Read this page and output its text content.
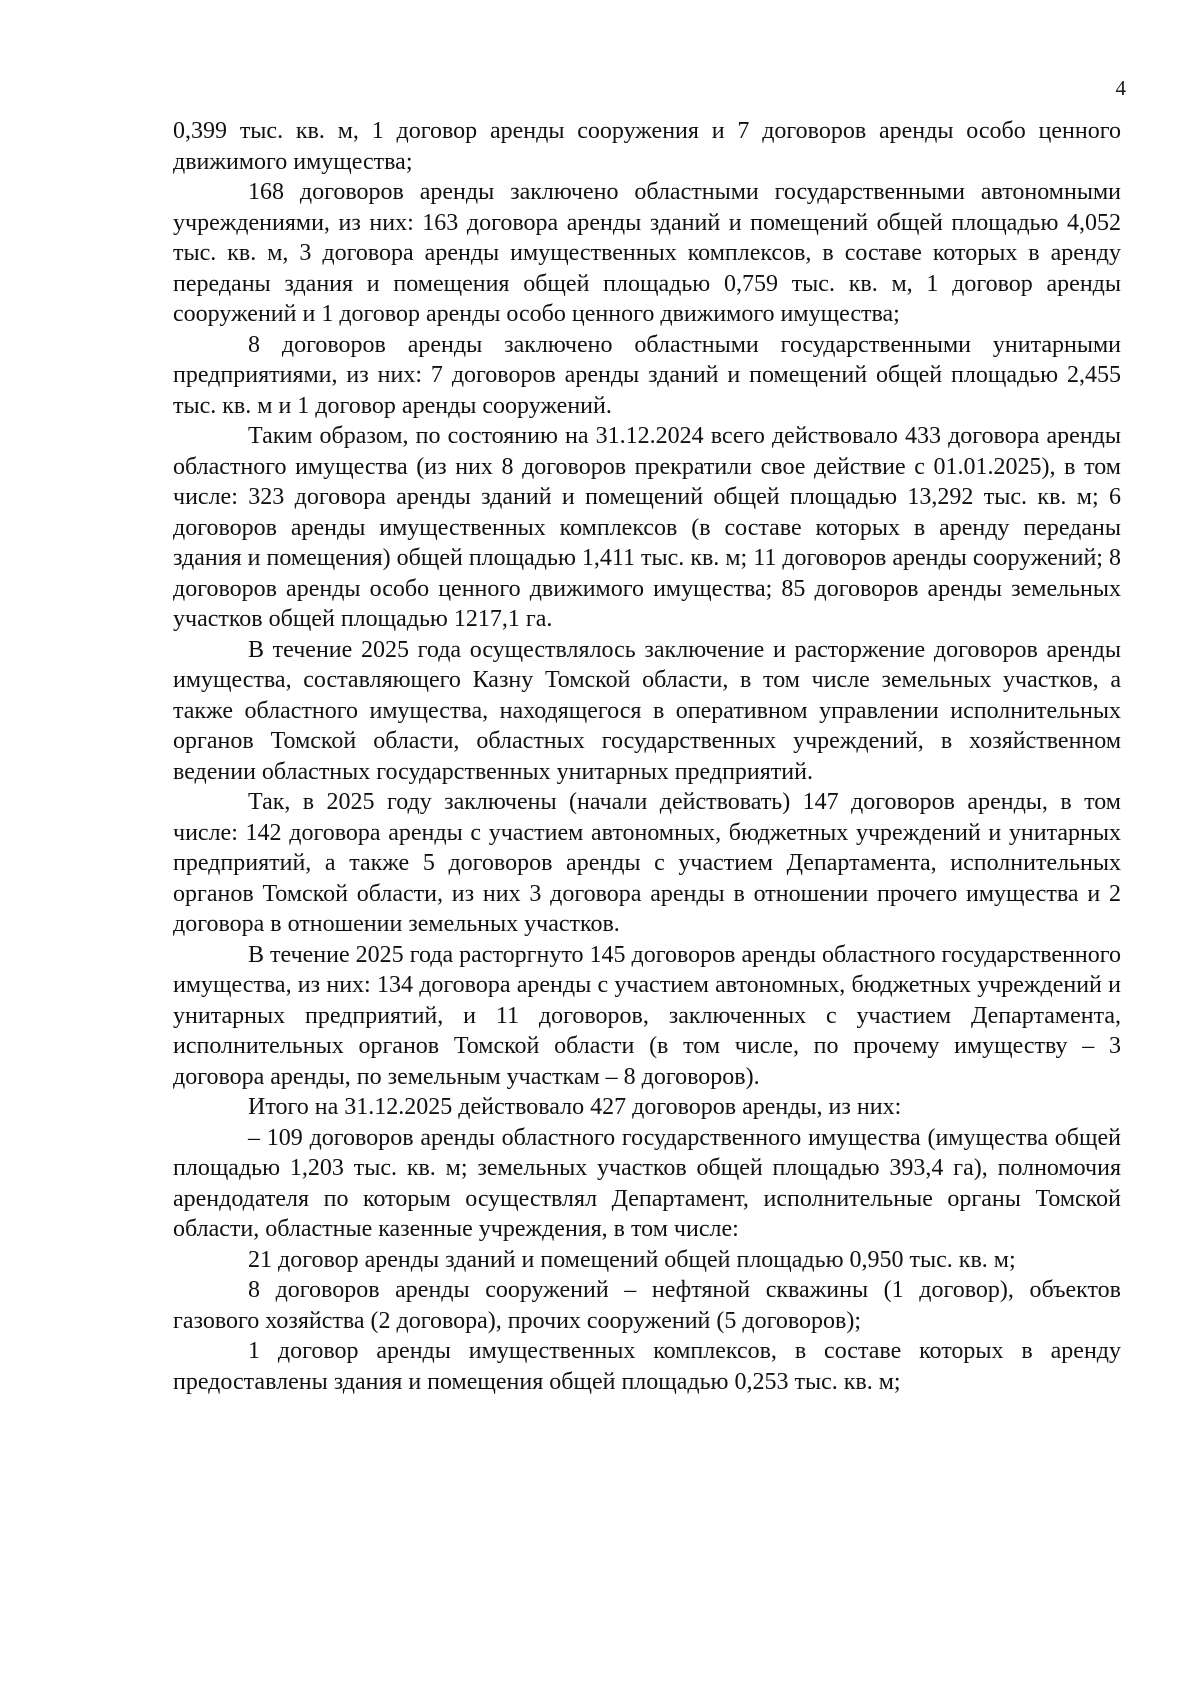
4

0,399 тыс. кв. м, 1 договор аренды сооружения и 7 договоров аренды особо ценного движимого имущества;

168 договоров аренды заключено областными государственными автономными учреждениями, из них: 163 договора аренды зданий и помещений общей площадью 4,052 тыс. кв. м, 3 договора аренды имущественных комплексов, в составе которых в аренду переданы здания и помещения общей площадью 0,759 тыс. кв. м, 1 договор аренды сооружений и 1 договор аренды особо ценного движимого имущества;

8 договоров аренды заключено областными государственными унитарными предприятиями, из них: 7 договоров аренды зданий и помещений общей площадью 2,455 тыс. кв. м и 1 договор аренды сооружений.

Таким образом, по состоянию на 31.12.2024 всего действовало 433 договора аренды областного имущества (из них 8 договоров прекратили свое действие с 01.01.2025), в том числе: 323 договора аренды зданий и помещений общей площадью 13,292 тыс. кв. м; 6 договоров аренды имущественных комплексов (в составе которых в аренду переданы здания и помещения) общей площадью 1,411 тыс. кв. м; 11 договоров аренды сооружений; 8 договоров аренды особо ценного движимого имущества; 85 договоров аренды земельных участков общей площадью 1217,1 га.

В течение 2025 года осуществлялось заключение и расторжение договоров аренды имущества, составляющего Казну Томской области, в том числе земельных участков, а также областного имущества, находящегося в оперативном управлении исполнительных органов Томской области, областных государственных учреждений, в хозяйственном ведении областных государственных унитарных предприятий.

Так, в 2025 году заключены (начали действовать) 147 договоров аренды, в том числе: 142 договора аренды с участием автономных, бюджетных учреждений и унитарных предприятий, а также 5 договоров аренды с участием Департамента, исполнительных органов Томской области, из них 3 договора аренды в отношении прочего имущества и 2 договора в отношении земельных участков.

В течение 2025 года расторгнуто 145 договоров аренды областного государственного имущества, из них: 134 договора аренды с участием автономных, бюджетных учреждений и унитарных предприятий, и 11 договоров, заключенных с участием Департамента, исполнительных органов Томской области (в том числе, по прочему имуществу – 3 договора аренды, по земельным участкам – 8 договоров).

Итого на 31.12.2025 действовало 427 договоров аренды, из них:

– 109 договоров аренды областного государственного имущества (имущества общей площадью 1,203 тыс. кв. м; земельных участков общей площадью 393,4 га), полномочия арендодателя по которым осуществлял Департамент, исполнительные органы Томской области, областные казенные учреждения, в том числе:

21 договор аренды зданий и помещений общей площадью 0,950 тыс. кв. м;

8 договоров аренды сооружений – нефтяной скважины (1 договор), объектов газового хозяйства (2 договора), прочих сооружений (5 договоров);

1 договор аренды имущественных комплексов, в составе которых в аренду предоставлены здания и помещения общей площадью 0,253 тыс. кв. м;
